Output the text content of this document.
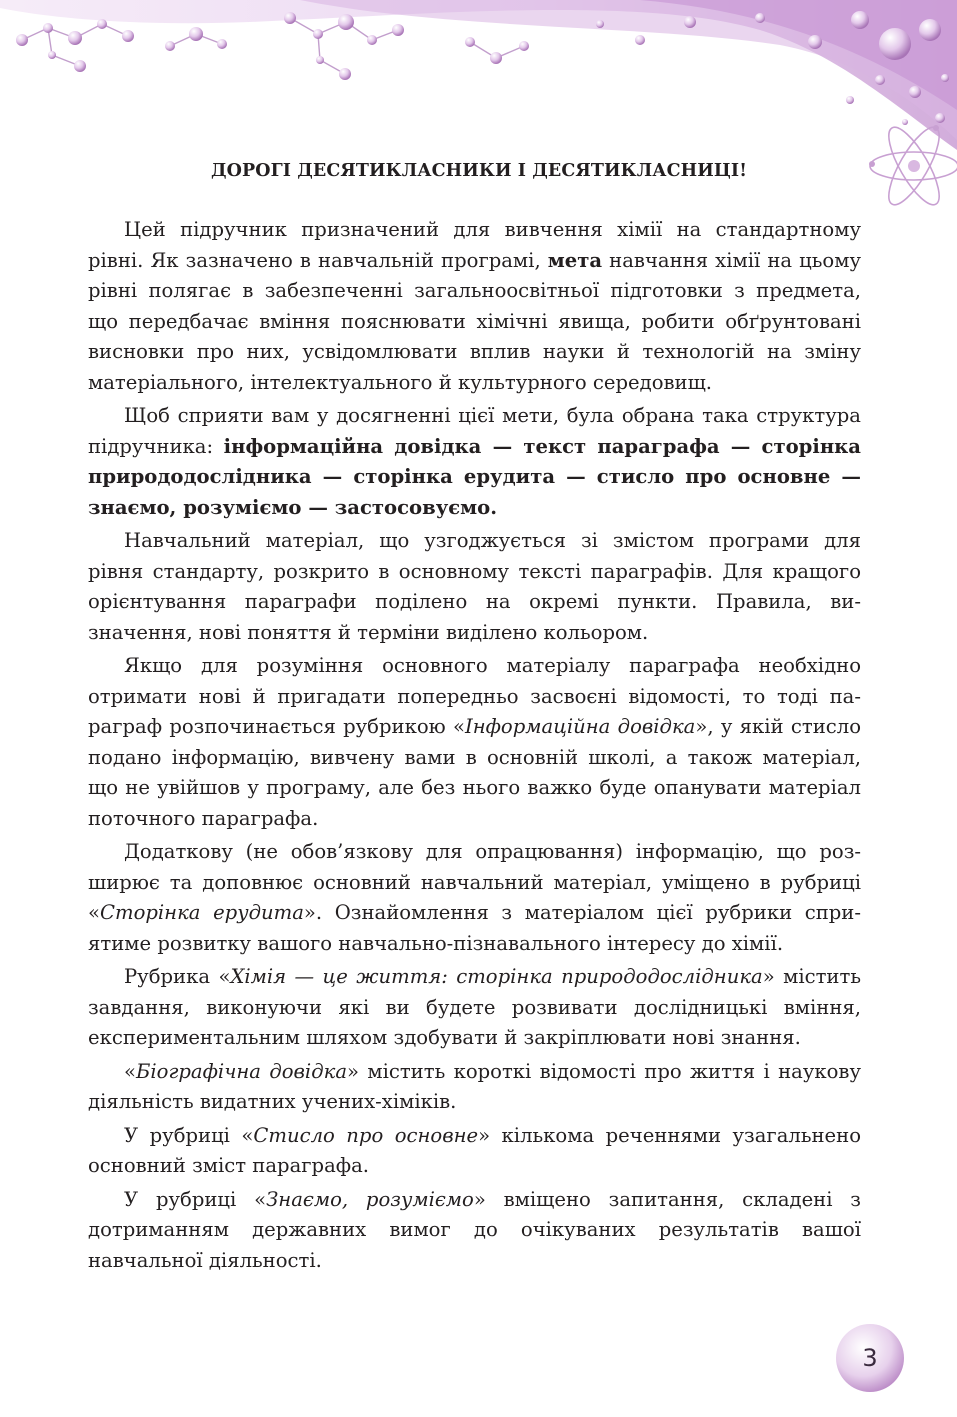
ДОРОГІ ДЕСЯТИКЛАСНИКИ І ДЕСЯТИКЛАСНИЦІ!

Цей підручник призначений для вивчення хімії на стандартному рівні. Як зазначено в навчальній програмі, мета навчання хімії на цьому рівні полягає в забезпеченні загальноосвітньої підготовки з предмета, що передбачає вміння пояснювати хімічні явища, робити обґрунтовані висновки про них, усвідомлювати вплив науки й технологій на зміну матеріального, інтелектуального й культурного середовищ.

Щоб сприяти вам у досягненні цієї мети, була обрана така структура підручника: інформаційна довідка — текст параграфа — сторінка природодослідника — сторінка ерудита — стисло про основне — знаємо, розуміємо — застосовуємо.

Навчальний матеріал, що узгоджується зі змістом програми для рівня стандарту, розкрито в основному тексті параграфів. Для кращого орієнтування параграфи поділено на окремі пункти. Правила, визначення, нові поняття й терміни виділено кольором.

Якщо для розуміння основного матеріалу параграфа необхідно отримати нові й пригадати попередньо засвоєні відомості, то тоді параграф розпочинається рубрикою «Інформаційна довідка», у якій стисло подано інформацію, вивчену вами в основній школі, а також матеріал, що не увійшов у програму, але без нього важко буде опанувати матеріал поточного параграфа.

Додаткову (не обов’язкову для опрацювання) інформацію, що розширює та доповнює основний навчальний матеріал, уміщено в рубриці «Сторінка ерудита». Ознайомлення з матеріалом цієї рубрики сприятиме розвитку вашого навчально-пізнавального інтересу до хімії.

Рубрика «Хімія — це життя: сторінка природодослідника» містить завдання, виконуючи які ви будете розвивати дослідницькі вміння, експериментальним шляхом здобувати й закріплювати нові знання.

«Біографічна довідка» містить короткі відомості про життя і наукову діяльність видатних учених-хіміків.

У рубриці «Стисло про основне» кількома реченнями узагальнено основний зміст параграфа.

У рубриці «Знаємо, розуміємо» вміщено запитання, складені з дотриманням державних вимог до очікуваних результатів вашої навчальної діяльності.

3
